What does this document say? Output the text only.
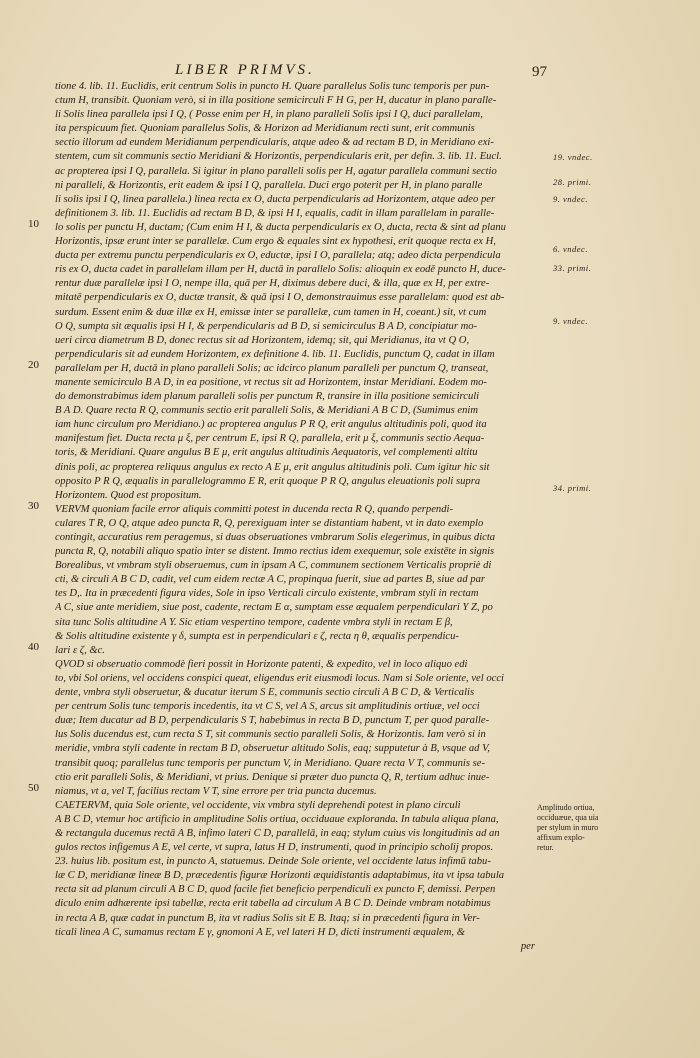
LIBER PRIMVS.	97
tione 4. lib. 11. Euclidis, erit centrum Solis in puncto H. Quare parallelus Solis tunc temporis per pun-
ctum H, transibit. Quoniam verò, si in illa positione semicirculi F H G, per H, ducatur in plano paralle-
li Solis linea parallela ipsi I Q, ( Posse enim per H, in plano paralleli Solis ipsi I Q, duci parallelam,
ita perspicuum fiet. Quoniam parallelus Solis, & Horizon ad Meridianum recti sunt, erit communis
sectio illorum ad eundem Meridianum perpendicularis, atque adeo & ad rectam B D, in Meridiano exi-
stentem, cum sit communis sectio Meridiani & Horizontis, perpendicularis erit, per defin. 3. lib. 11. Eucl.
ac propterea ipsi I Q, parallela. Si igitur in plano paralleli solis per H, agatur parallela communi sectio
ni paralleli, & Horizontis, erit eadem & ipsi I Q, parallela. Duci ergo poterit per H, in plano paralle
li solis ipsi I Q, linea parallela.) linea recta ex O, ducta perpendicularis ad Horizontem, atque adeo per
definitionem 3. lib. 11. Euclidis ad rectam B D, & ipsi H I, equalis, cadit in illam parallelam in paralle-
lo solis per punctu H, ductam; (Cum enim H I, & ducta perpendicularis ex O, ducta, recta & sint ad planu
Horizontis, ipsæ erunt inter se parallelæ. Cum ergo & equales sint ex hypothesi, erit quoque recta ex H,
ducta per extremu punctu perpendicularis ex O, eductæ, ipsi I O, parallela; atq; adeo dicta perpendicula
ris ex O, ducta cadet in parallelam illam per H, ductā in parallelo Solis: alioquin ex eodē puncto H, duce-
rentur duæ parallelæ ipsi I O, nempe illa, quā per H, diximus debere duci, & illa, quæ ex H, per extre-
mitatē perpendicularis ex O, ductæ transit, & quā ipsi I O, demonstrauimus esse parallelam: quod est ab-
surdum. Essent enim & duæ illæ ex H, emissæ inter se parallelæ, cum tamen in H, coeant.) sit, vt cum
O Q, sumpta sit æqualis ipsi H I, & perpendicularis ad B D, si semicirculus B A D, concipiatur mo-
ueri circa diametrum B D, donec rectus sit ad Horizontem, idemq; sit, qui Meridianus, ita vt Q O,
perpendicularis sit ad eundem Horizontem, ex definitione 4. lib. 11. Euclidis, punctum Q, cadat in illam
parallelam per H, ductā in plano paralleli Solis; ac idcirco planum paralleli per punctum Q, transeat,
manente semicirculo B A D, in ea positione, vt rectus sit ad Horizontem, instar Meridiani. Eodem mo-
do demonstrabimus idem planum paralleli solis per punctum R, transire in illa positione semicirculi
B A D. Quare recta R Q, communis sectio erit paralleli Solis, & Meridiani A B C D, (Sumimus enim
iam hunc circulum pro Meridiano.) ac propterea angulus P R Q, erit angulus altitudinis poli, quod ita
manifestum fiet. Ducta recta μ ξ, per centrum E, ipsi R Q, parallela, erit μ ξ, communis sectio Aequa-
toris, & Meridiani. Quare angulus B E μ, erit angulus altitudinis Aequatoris, vel complementi altitu
dinis poli, ac propterea reliquus angulus ex recto A E μ, erit angulus altitudinis poli. Cum igitur hic sit
opposito P R Q, æqualis in parallelogrammo E R, erit quoque P R Q, angulus eleuationis poli supra
Horizontem. Quod est propositum.
VERVM quoniam facile error aliquis committi potest in ducenda recta R Q, quando perpendi-
culares T R, O Q, atque adeo puncta R, Q, perexiguam inter se distantiam habent, vt in dato exemplo
contingit, accuratius rem peragemus, si duas obseruationes vmbrarum Solis elegerimus, in quibus dicta
puncta R, Q, notabili aliquo spatio inter se distent. Immo rectius idem exequemur, sole existēte in signis
Borealibus, vt vmbram styli obseruemus, cum in ipsam A C, communem sectionem Verticalis propriè di
cti, & circuli A B C D, cadit, vel cum eidem rectæ A C, propinqua fuerit, siue ad partes B, siue ad par
tes D,. Ita in præcedenti figura vides, Sole in ipso Verticali circulo existente, vmbram styli in rectam
A C, siue ante meridiem, siue post, cadente, rectam E α, sumptam esse æqualem perpendiculari Y Z, po
sita tunc Solis altitudine A Y. Sic etiam vespertino tempore, cadente vmbra styli in rectam E β,
& Solis altitudine existente γ δ, sumpta est in perpendiculari ε ζ, recta η θ, æqualis perpendicu-
lari ε ζ, &c.
QVOD si obseruatio commodè fieri possit in Horizonte patenti, & expedito, vel in loco aliquo edi
to, vbi Sol oriens, vel occidens conspici queat, eligendus erit eiusmodi locus. Nam si Sole oriente, vel occi
dente, vmbra styli obseruetur, & ducatur iterum S E, communis sectio circuli A B C D, & Verticalis
per centrum Solis tunc temporis incedentis, ita vt C S, vel A S, arcus sit amplitudinis ortiuæ, vel occi
duæ; Item ducatur ad B D, perpendicularis S T, habebimus in recta B D, punctum T, per quod paralle-
lus Solis ducendus est, cum recta S T, sit communis sectio paralleli Solis, & Horizontis. Iam verò si in
meridie, vmbra styli cadente in rectam B D, obseruetur altitudo Solis, eaq; supputetur à B, vsque ad V,
transibit quoq; parallelus tunc temporis per punctum V, in Meridiano. Quare recta V T, communis se-
ctio erit paralleli Solis, & Meridiani, vt prius. Denique si præter duo puncta Q, R, tertium adhuc inue-
niamus, vt a, vel T, facilius rectam V T, sine errore per tria puncta ducemus.
CAETERVM, quia Sole oriente, vel occidente, vix vmbra styli deprehendi potest in plano circuli
A B C D, vtemur hoc artificio in amplitudine Solis ortiua, occiduaue exploranda. In tabula aliqua plana,
& rectangula ducemus rectā A B, infimo lateri C D, parallelā, in eaq; stylum cuius vis longitudinis ad an
gulos rectos infigemus A E, vel certe, vt supra, latus H D, instrumenti, quod in principio scholij propos.
23. huius lib. positum est, in puncto A, statuemus. Deinde Sole oriente, vel occidente latus infimū tabu-
læ C D, meridianæ lineæ B D, præcedentis figuræ Horizonti æquidistantis adaptabimus, ita vt ipsa tabula
recta sit ad planum circuli A B C D, quod facile fiet beneficio perpendiculi ex puncto F, demissi. Perpen
diculo enim adhærente ipsi tabellæ, recta erit tabella ad circulum A B C D. Deinde vmbram notabimus
in recta A B, quæ cadat in punctum B, ita vt radius Solis sit E B. Itaq; si in præcedenti figura in Ver-
ticali linea A C, sumamus rectam E γ, gnomoni A E, vel lateri H D, dicti instrumenti æqualem, &
per
10
20
30
40
50
19. vndec.
28. primi.
9. vndec.
6. vndec.
33. primi.
9. vndec.
34. primi.
Amplitudo ortiua, occiduæue, qua uia per stylum in muro affixum explo-retur.
